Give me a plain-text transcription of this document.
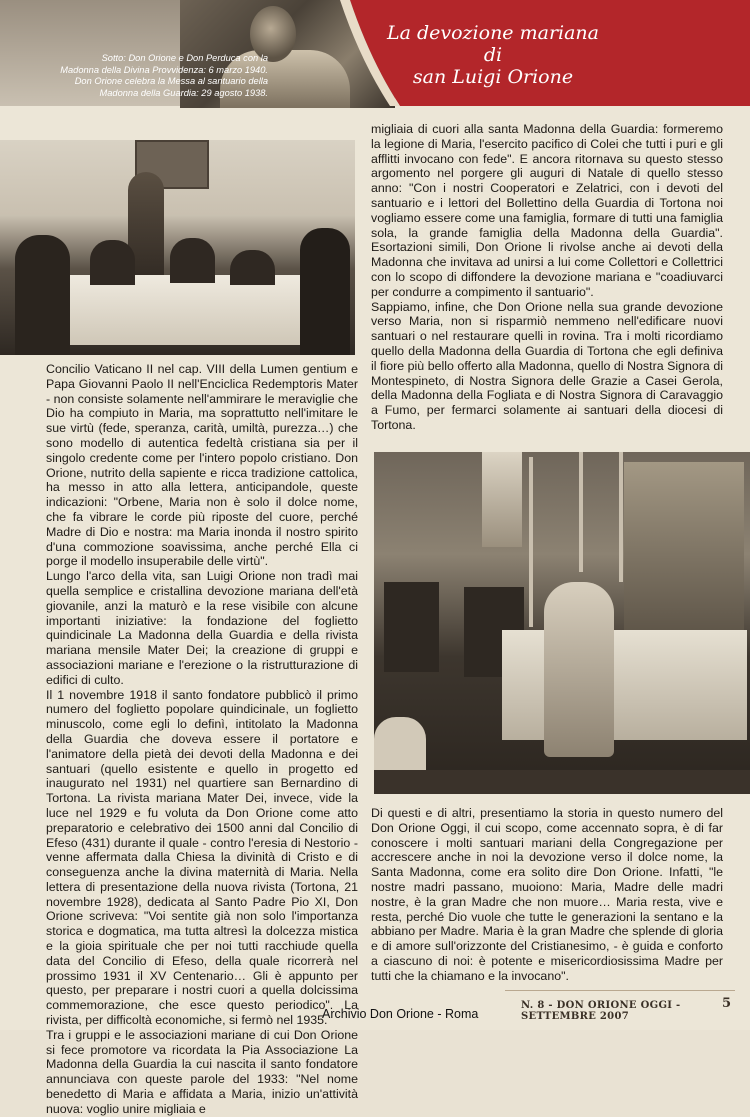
La devozione mariana di
san Luigi Orione
Sotto: Don Orione e Don Perduca con la
Madonna della Divina Provvidenza: 6 marzo 1940.
Don Orione celebra la Messa al santuario della
Madonna della Guardia: 29 agosto 1938.

Concilio Vaticano II nel cap. VIII della Lumen gentium e Papa Giovanni Paolo II nell'Enciclica Redemptoris Mater - non consiste solamente nell'ammirare le meraviglie che Dio ha compiuto in Maria, ma soprattutto nell'imitare le sue virtù (fede, speranza, carità, umiltà, purezza…) che sono modello di autentica fedeltà cristiana sia per il singolo credente come per l'intero popolo cristiano. Don Orione, nutrito della sapiente e ricca tradizione cattolica, ha messo in atto alla lettera, anticipandole, queste indicazioni: "Orbene, Maria non è solo il dolce nome, che fa vibrare le corde più riposte del cuore, perché Madre di Dio e nostra: ma Maria inonda il nostro spirito d'una commozione soavissima, anche perché Ella ci porge il modello insuperabile delle virtù".

Lungo l'arco della vita, san Luigi Orione non tradì mai quella semplice e cristallina devozione mariana dell'età giovanile, anzi la maturò e la rese visibile con alcune importanti iniziative: la fondazione del foglietto quindicinale La Madonna della Guardia e della rivista mariana mensile Mater Dei; la creazione di gruppi e associazioni mariane e l'erezione o la ristrutturazione di edifici di culto.

Il 1 novembre 1918 il santo fondatore pubblicò il primo numero del foglietto popolare quindicinale, un foglietto minuscolo, come egli lo definì, intitolato la Madonna della Guardia che doveva essere il portatore e l'animatore della pietà dei devoti della Madonna e dei santuari (quello esistente e quello in progetto ed inaugurato nel 1931) nel quartiere san Bernardino di Tortona. La rivista mariana Mater Dei, invece, vide la luce nel 1929 e fu voluta da Don Orione come atto preparatorio e celebrativo dei 1500 anni dal Concilio di Efeso (431) durante il quale - contro l'eresia di Nestorio - venne affermata dalla Chiesa la divinità di Cristo e di conseguenza anche la divina maternità di Maria. Nella lettera di presentazione della nuova rivista (Tortona, 21 novembre 1928), dedicata al Santo Padre Pio XI, Don Orione scriveva: "Voi sentite già non solo l'importanza storica e dogmatica, ma tutta altresì la dolcezza mistica e la gioia spirituale che per noi tutti racchiude quella data del Concilio di Efeso, della quale ricorrerà nel prossimo 1931 il XV Centenario… Gli è appunto per questo, per preparare i nostri cuori a quella dolcissima commemorazione, che esce questo periodico". La rivista, per difficoltà economiche, si fermò nel 1935.

Tra i gruppi e le associazioni mariane di cui Don Orione si fece promotore va ricordata la Pia Associazione La Madonna della Guardia la cui nascita il santo fondatore annunciava con queste parole del 1933: "Nel nome benedetto di Maria e affidata a Maria, inizio un'attività nuova: voglio unire migliaia e

migliaia di cuori alla santa Madonna della Guardia: formeremo la legione di Maria, l'esercito pacifico di Colei che tutti i puri e gli afflitti invocano con fede". E ancora ritornava su questo stesso argomento nel porgere gli auguri di Natale di quello stesso anno: "Con i nostri Cooperatori e Zelatrici, con i devoti del santuario e i lettori del Bollettino della Guardia di Tortona noi vogliamo essere come una famiglia, formare di tutti una famiglia sola, la grande famiglia della Madonna della Guardia". Esortazioni simili, Don Orione li rivolse anche ai devoti della Madonna che invitava ad unirsi a lui come Collettori e Collettrici con lo scopo di diffondere la devozione mariana e "coadiuvarci per condurre a compimento il santuario".

Sappiamo, infine, che Don Orione nella sua grande devozione verso Maria, non si risparmiò nemmeno nell'edificare nuovi santuari o nel restaurare quelli in rovina. Tra i molti ricordiamo quello della Madonna della Guardia di Tortona che egli definiva il fiore più bello offerto alla Madonna, quello di Nostra Signora di Montespineto, di Nostra Signora delle Grazie a Casei Gerola, della Madonna della Fogliata e di Nostra Signora di Caravaggio a Fumo, per fermarci solamente ai santuari della diocesi di Tortona.

Di questi e di altri, presentiamo la storia in questo numero del Don Orione Oggi, il cui scopo, come accennato sopra, è di far conoscere i molti santuari mariani della Congregazione per accrescere anche in noi la devozione verso il dolce nome, la Santa Madonna, come era solito dire Don Orione. Infatti, "le nostre madri passano, muoiono: Maria, Madre delle madri nostre, è la gran Madre che non muore… Maria resta, vive e resta, perché Dio vuole che tutte le generazioni la sentano e la abbiano per Madre. Maria è la gran Madre che splende di gloria e di amore sull'orizzonte del Cristianesimo, - è guida e conforto a ciascuno di noi: è potente e misericordiosissima Madre per tutti che la chiamano e la invocano".

N. 8 - DON ORIONE OGGI - SETTEMBRE 2007
5
Archivio Don Orione - Roma
